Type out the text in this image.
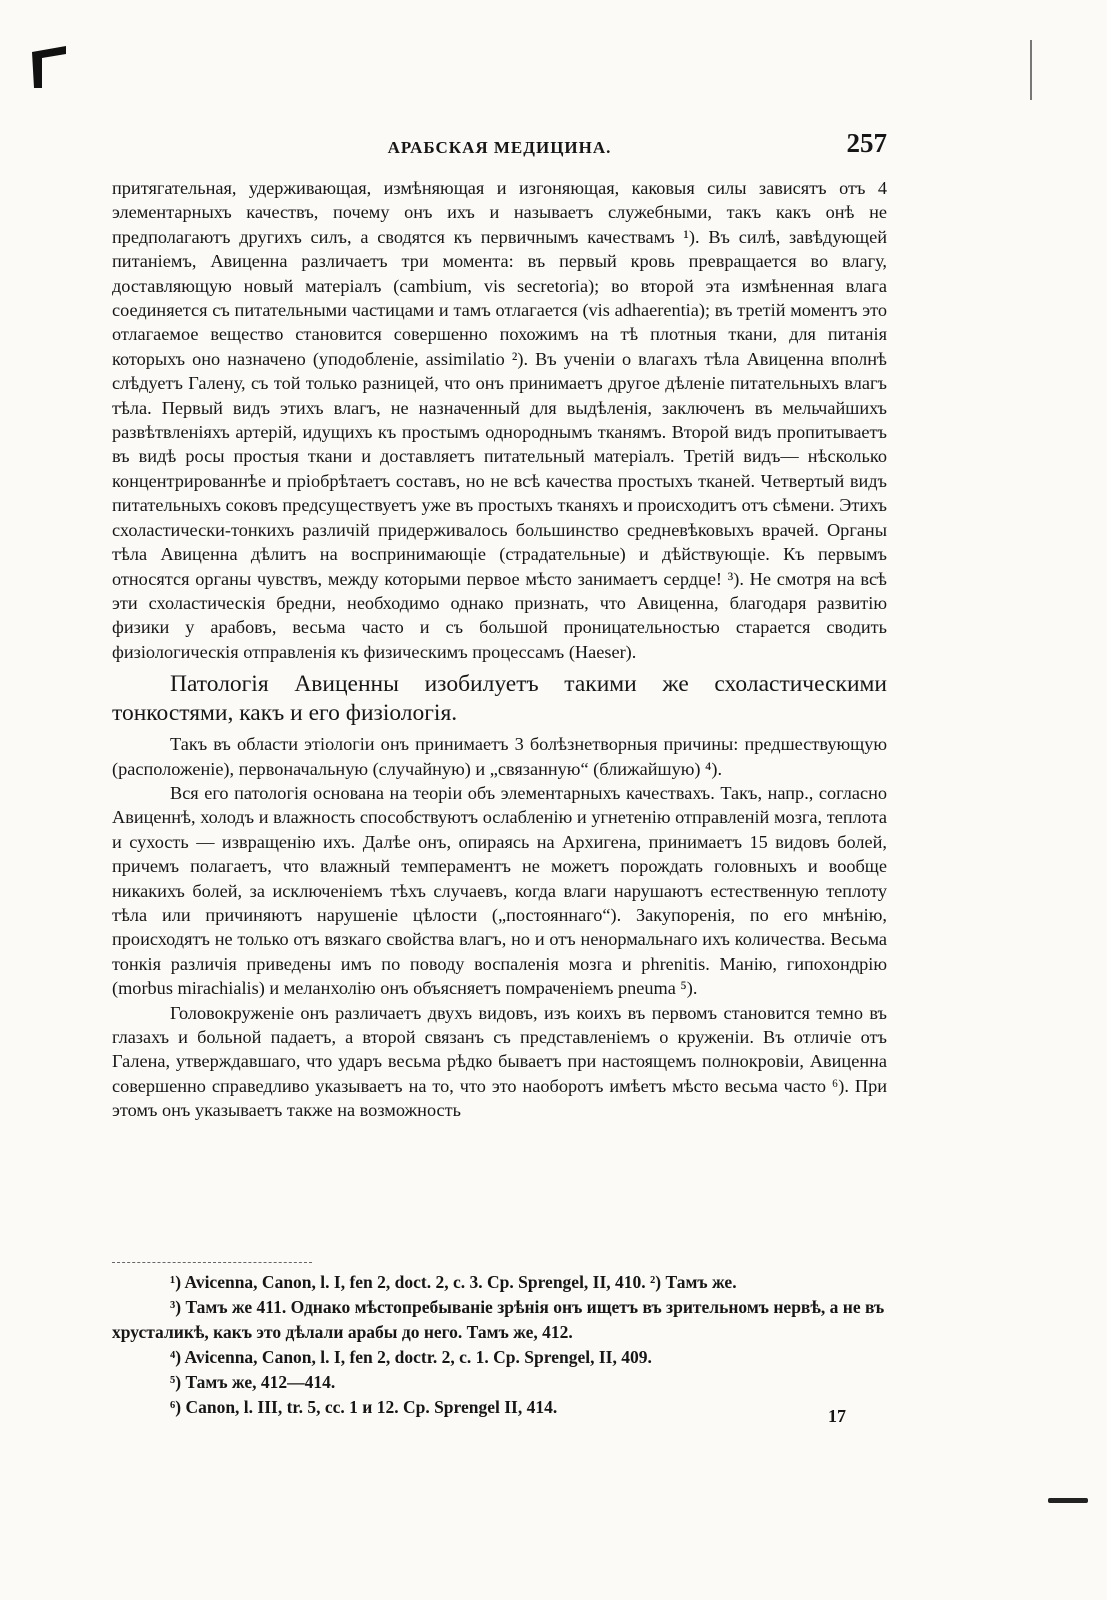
АРАБСКАЯ МЕДИЦИНА.	257

притягательная, удерживающая, измѣняющая и изгоняющая, каковыя силы зависятъ отъ 4 элементарныхъ качествъ, почему онъ ихъ и называетъ служебными, такъ какъ онѣ не предполагаютъ другихъ силъ, а сводятся къ первичнымъ качествамъ ¹). Въ силѣ, завѣдующей питаніемъ, Авиценна различаетъ три момента: въ первый кровь превращается во влагу, доставляющую новый матеріалъ (cambium, vis secretoria); во второй эта измѣненная влага соединяется съ питательными частицами и тамъ отлагается (vis adhaerentia); въ третій моментъ это отлагаемое вещество становится совершенно похожимъ на тѣ плотныя ткани, для питанія которыхъ оно назначено (уподобленіе, assimilatio ²). Въ ученіи о влагахъ тѣла Авиценна вполнѣ слѣдуетъ Галену, съ той только разницей, что онъ принимаетъ другое дѣленіе питательныхъ влагъ тѣла. Первый видъ этихъ влагъ, не назначенный для выдѣленія, заключенъ въ мельчайшихъ развѣтвленіяхъ артерій, идущихъ къ простымъ однороднымъ тканямъ. Второй видъ пропитываетъ въ видѣ росы простыя ткани и доставляетъ питательный матеріалъ. Третій видъ— нѣсколько концентрированнѣе и пріобрѣтаетъ составъ, но не всѣ качества простыхъ тканей. Четвертый видъ питательныхъ соковъ предсуществуетъ уже въ простыхъ тканяхъ и происходитъ отъ сѣмени. Этихъ схоластически-тонкихъ различій придерживалось большинство средневѣковыхъ врачей. Органы тѣла Авиценна дѣлитъ на воспринимающіе (страдательные) и дѣйствующіе. Къ первымъ относятся органы чувствъ, между которыми первое мѣсто занимаетъ сердце! ³). Не смотря на всѣ эти схоластическія бредни, необходимо однако признать, что Авиценна, благодаря развитію физики у арабовъ, весьма часто и съ большой проницательностью старается сводить физіологическія отправленія къ физическимъ процессамъ (Haeser).

Патологія Авиценны изобилуетъ такими же схоластическими тонкостями, какъ и его физіологія.

Такъ въ области этіологіи онъ принимаетъ 3 болѣзнетворныя причины: предшествующую (расположеніе), первоначальную (случайную) и „связанную“ (ближайшую) ⁴).

Вся его патологія основана на теоріи объ элементарныхъ качествахъ. Такъ, напр., согласно Авиценнѣ, холодъ и влажность способствуютъ ослабленію и угнетенію отправленій мозга, теплота и сухость — извращенію ихъ. Далѣе онъ, опираясь на Архигена, принимаетъ 15 видовъ болей, причемъ полагаетъ, что влажный темпераментъ не можетъ порождать головныхъ и вообще никакихъ болей, за исключеніемъ тѣхъ случаевъ, когда влаги нарушаютъ естественную теплоту тѣла или причиняютъ нарушеніе цѣлости („постояннаго“). Закупоренія, по его мнѣнію, происходятъ не только отъ вязкаго свойства влагъ, но и отъ ненормальнаго ихъ количества. Весьма тонкія различія приведены имъ по поводу воспаленія мозга и phrenitis. Манію, гипохондрію (morbus mirachialis) и меланхолію онъ объясняетъ помраченіемъ pneuma ⁵).

Головокруженіе онъ различаетъ двухъ видовъ, изъ коихъ въ первомъ становится темно въ глазахъ и больной падаетъ, а второй связанъ съ представленіемъ о круженіи. Въ отличіе отъ Галена, утверждавшаго, что ударъ весьма рѣдко бываетъ при настоящемъ полнокровіи, Авиценна совершенно справедливо указываетъ на то, что это наоборотъ имѣетъ мѣсто весьма часто ⁶). При этомъ онъ указываетъ также на возможность

¹) Avicenna, Canon, l. I, fen 2, doct. 2, c. 3. Cp. Sprengel, II, 410. ²) Тамъ же.

³) Тамъ же 411. Однако мѣстопребываніе зрѣнія онъ ищетъ въ зрительномъ нервѣ, а не въ хрусталикѣ, какъ это дѣлали арабы до него. Тамъ же, 412.

⁴) Avicenna, Canon, l. I, fen 2, doctr. 2, c. 1. Cp. Sprengel, II, 409.

⁵) Тамъ же, 412—414.

⁶) Canon, l. III, tr. 5, cc. 1 и 12. Cp. Sprengel II, 414.	17
